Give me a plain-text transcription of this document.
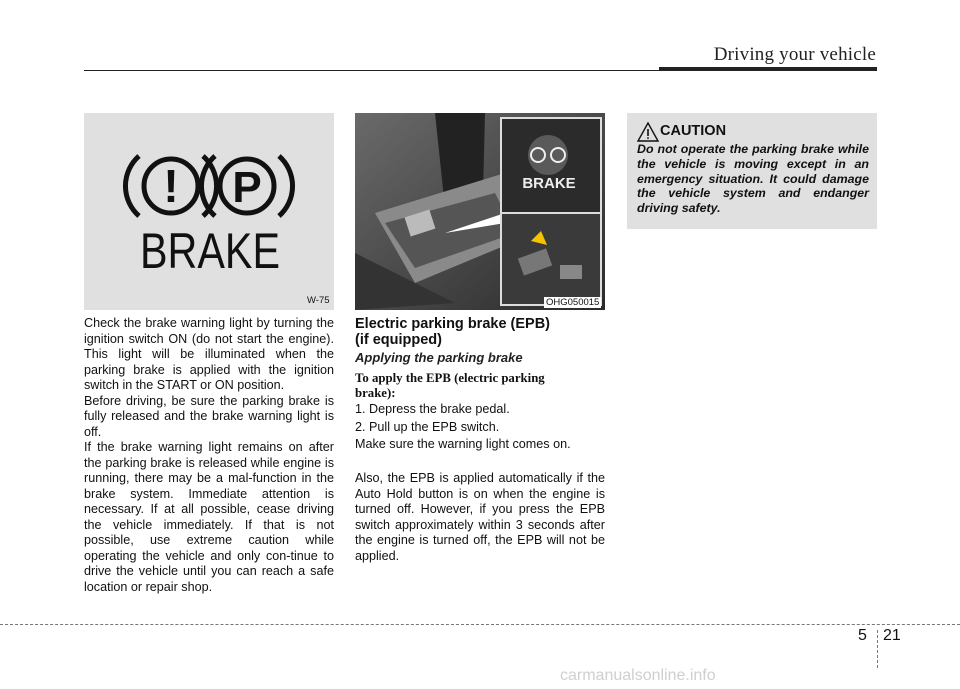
Driving your vehicle
! P
BRAKE
W-75
BRAKE
OHG050015

Check the brake warning light by turning the ignition switch ON (do not start the engine). This light will be illuminated when the parking brake is applied with the ignition switch in the START or ON position.

Before driving, be sure the parking brake is fully released and the brake warning light is off.

If the brake warning light remains on after the parking brake is released while engine is running, there may be a mal-function in the brake system. Immediate attention is necessary. If at all possible, cease driving the vehicle immediately. If that is not possible, use extreme caution while operating the vehicle and only con-tinue to drive the vehicle until you can reach a safe location or repair shop.

Electric parking brake (EPB)
(if equipped)
Applying the parking brake
To apply the EPB (electric parking
brake):
1. Depress the brake pedal.
2. Pull up the EPB switch.
Make sure the warning light comes on.
Also, the EPB is applied automatically if the Auto Hold button is on when the engine is turned off. However, if you press the EPB switch approximately within 3 seconds after the engine is turned off, the EPB will not be applied.
CAUTION
Do not operate the parking brake while the vehicle is moving except in an emergency situation. It could damage the vehicle system and endanger driving safety.
5 21
carmanualsonline.info
